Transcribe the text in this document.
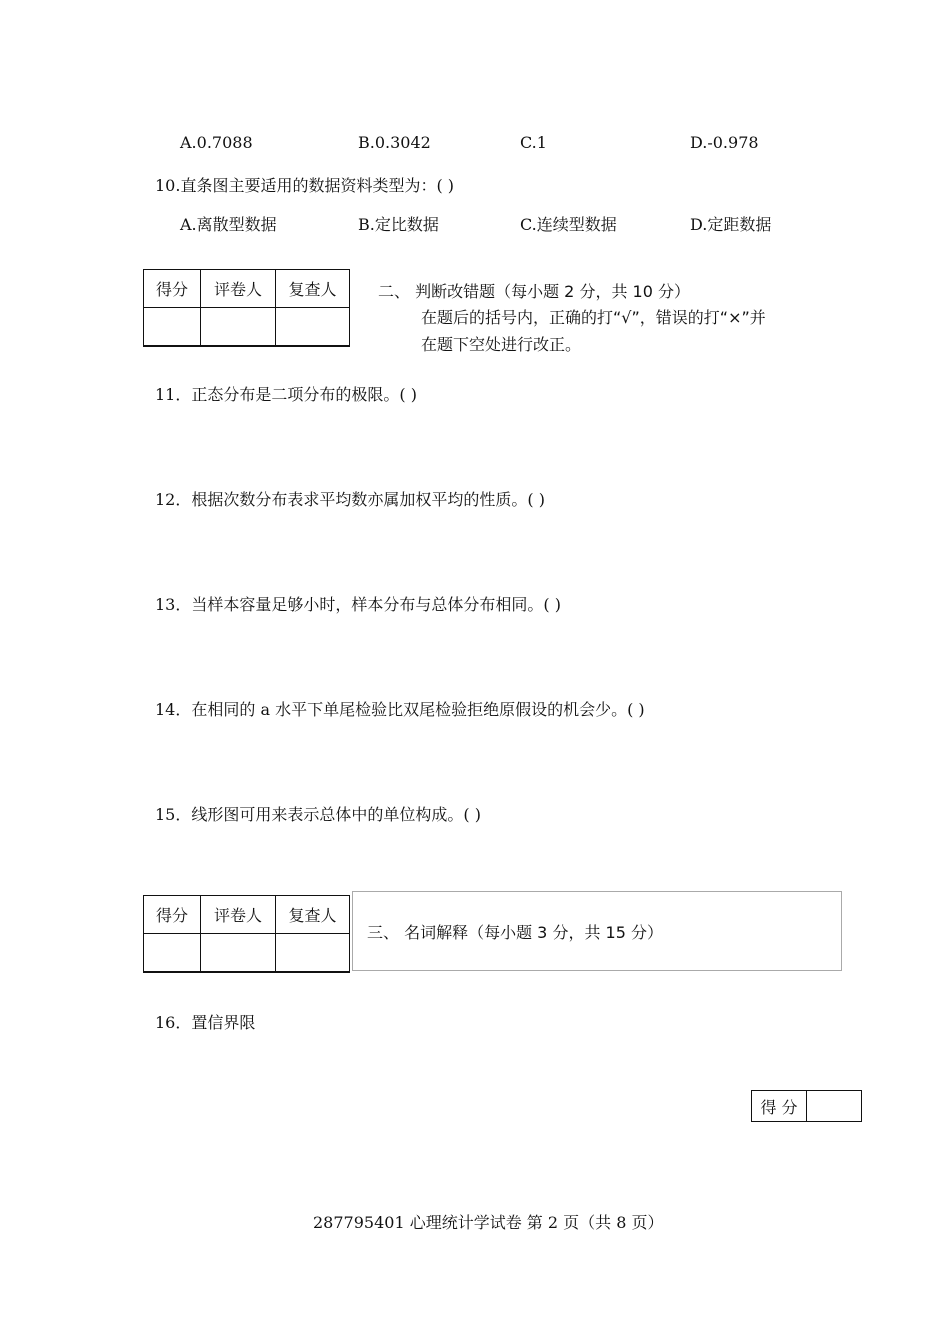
A.0.7088	B.0.3042	C.1	D.-0.978
10.直条图主要适用的数据资料类型为：( )
A.离散型数据	B.定比数据	C.连续型数据	D.定距数据
得分	评卷人	复查人
			二、 判断改错题（每小题 2 分，共 10 分）
在题后的括号内，正确的打“√”，错误的打“×”并
在题下空处进行改正。
11．正态分布是二项分布的极限。( )
12．根据次数分布表求平均数亦属加权平均的性质。( )
13．当样本容量足够小时，样本分布与总体分布相同。( )
14．在相同的 a 水平下单尾检验比双尾检验拒绝原假设的机会少。( )
15．线形图可用来表示总体中的单位构成。( )
得分	评卷人	复查人

三、 名词解释（每小题 3 分，共 15 分）
16．置信界限
得 分	
287795401 心理统计学试卷 第 2 页（共 8 页）
